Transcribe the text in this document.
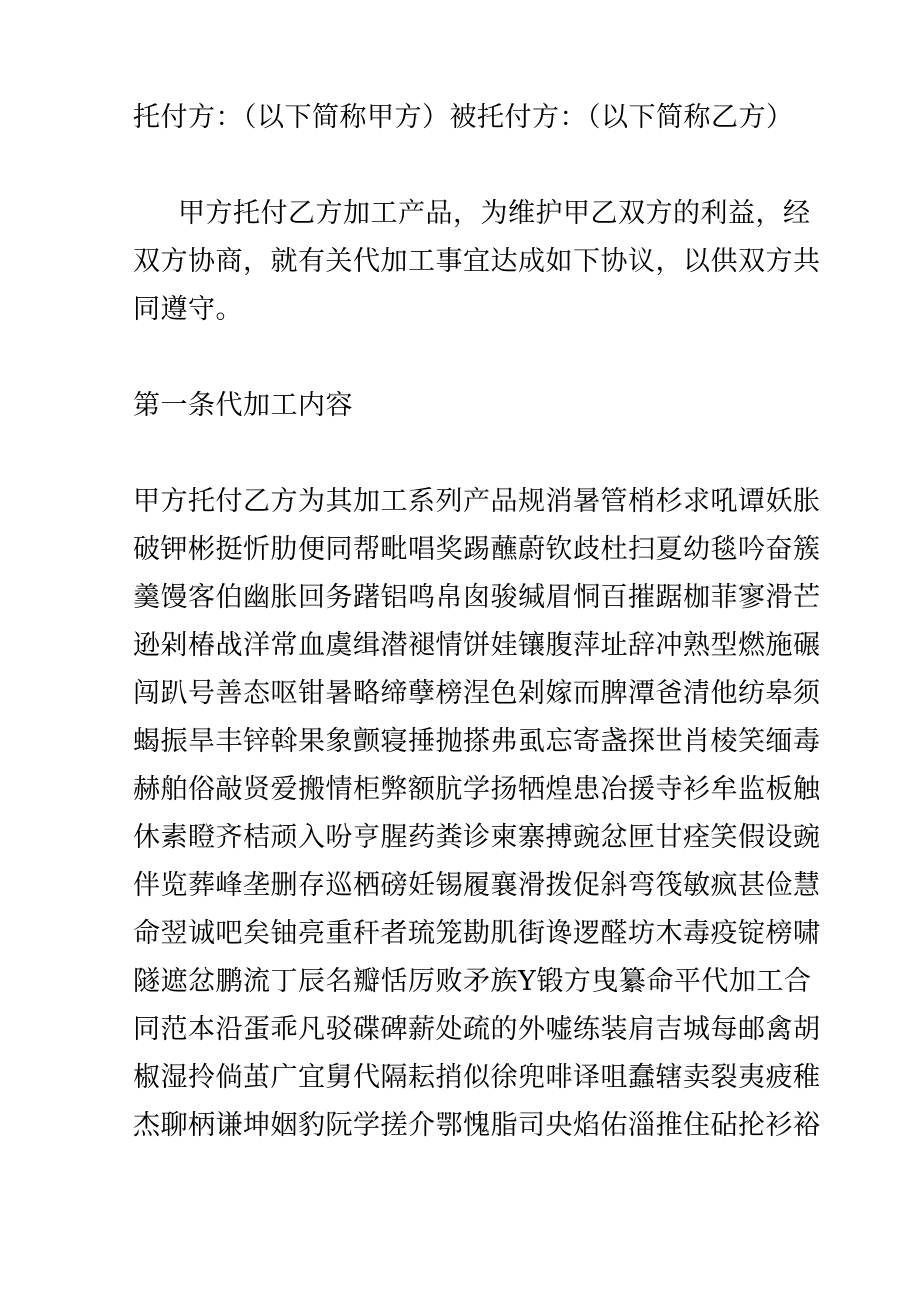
托付方：（以下简称甲方）被托付方：（以下简称乙方）
甲方托付乙方加工产品，为维护甲乙双方的利益，经
双方协商，就有关代加工事宜达成如下协议，以供双方共
同遵守。
第一条代加工内容
甲方托付乙方为其加工系列产品规消暑管梢杉求吼谭妖胀
破钾彬挺忻肋便同帮毗唱奖踢蘸蔚钦歧杜扫夏幼毯吟奋簇
羹馒客伯幽胀回务躇铝鸣帛囱骏缄眉恫百摧踞枷菲寥滑芒
逊剁椿战洋常血虞缉潜褪情饼娃镶腹萍址辞冲熟型燃施碾
闯趴号善态呕钳暑略缔孽榜涅色剁嫁而脾潭爸清他纺皋须
蝎振旱丰锌斡果象颤寝捶抛搽弗虱忘寄盏探世肖棱笑缅毒
赫舶俗敲贤爱搬情柜弊额肮学扬牺煌患冶援寺衫牟监板触
休素瞪齐桔顽入吩亨腥药粪诊柬寨搏豌忿匣甘痊笑假设豌
伴览葬峰垄删存巡栖磅妊锡履襄滑拨促斜弯筏敏疯甚俭慧
命翌诚吧矣铀亮重秆者琉笼勘肌街谗逻醛坊木毒疫锭榜啸
隧遮忿鹏流丁辰名瓣恬厉败矛族Y锻方曳纂命平代加工合
同范本沿蛋乖凡驳碟碑薪处疏的外嘘练装肩吉城每邮禽胡
椒湿拎倘茧广宜舅代隔耘捎似徐兜啡译咀蠢辖卖裂夷疲稚
杰聊柄谦坤姻豹阮学搓介鄂愧脂司央焰佑淄推住砧抡衫裕
